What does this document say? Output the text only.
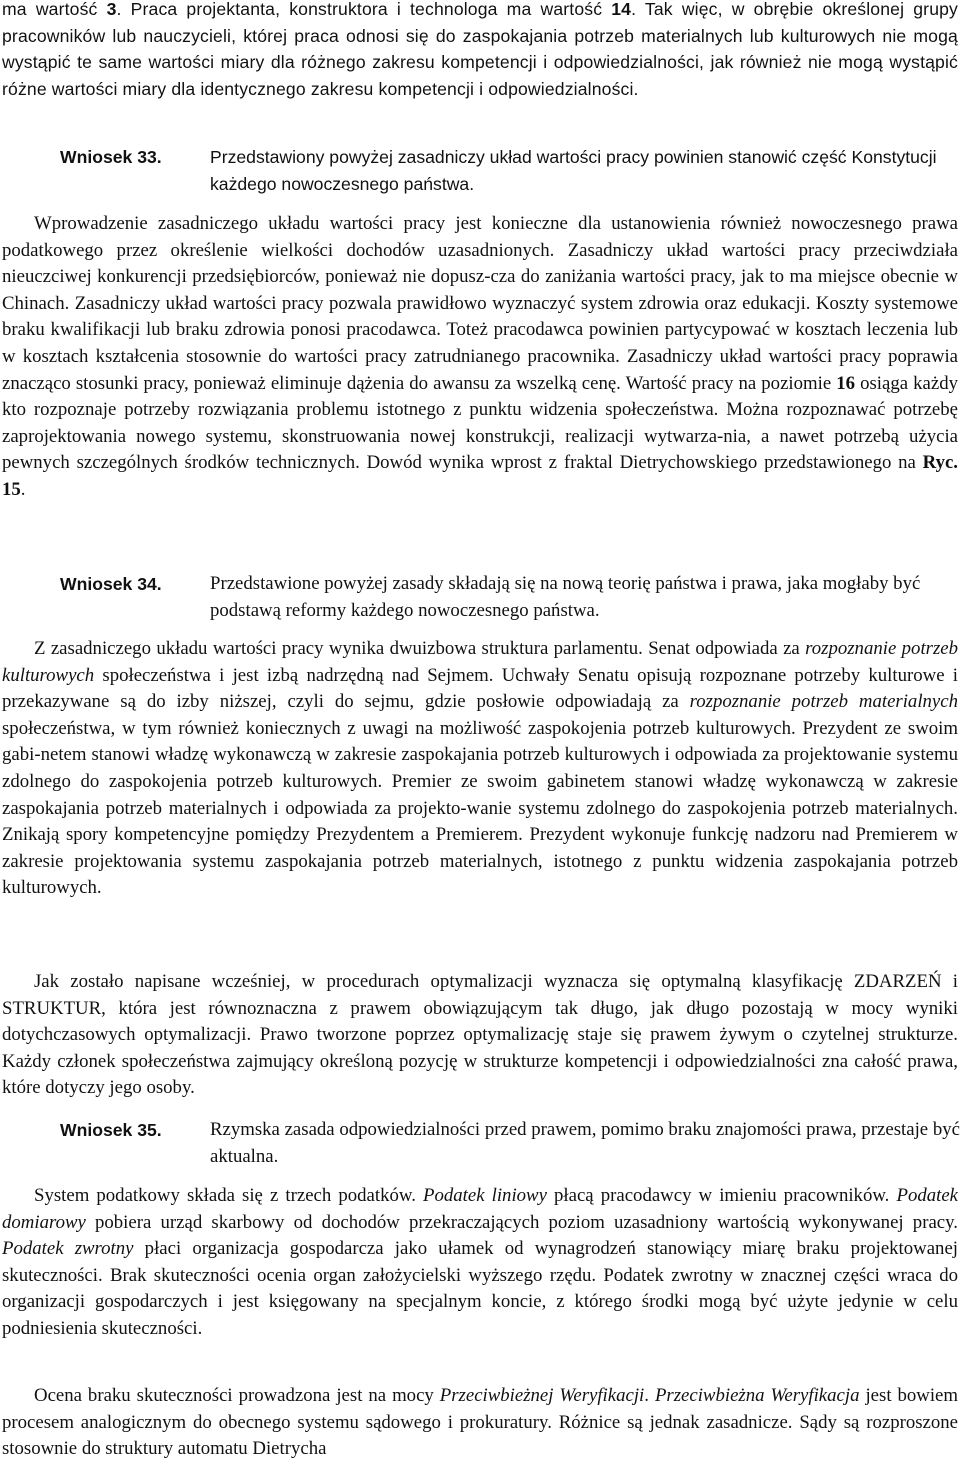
ma wartość 3. Praca projektanta, konstruktora i technologa ma wartość 14. Tak więc, w obrębie określonej grupy pracowników lub nauczycieli, której praca odnosi się do zaspokajania potrzeb materialnych lub kulturowych nie mogą wystąpić te same wartości miary dla różnego zakresu kompetencji i odpowiedzialności, jak również nie mogą wystąpić różne wartości miary dla identycznego zakresu kompetencji i odpowiedzialności.

Wniosek 33.	Przedstawiony powyżej zasadniczy układ wartości pracy powinien stanowić część Konstytucji każdego nowoczesnego państwa.

Wprowadzenie zasadniczego układu wartości pracy jest konieczne dla ustanowienia również nowoczesnego prawa podatkowego przez określenie wielkości dochodów uzasadnionych. Zasadniczy układ wartości pracy przeciwdziała nieuczciwej konkurencji przedsiębiorców, ponieważ nie dopusz-cza do zaniżania wartości pracy, jak to ma miejsce obecnie w Chinach. Zasadniczy układ wartości pracy pozwala prawidłowo wyznaczyć system zdrowia oraz edukacji. Koszty systemowe braku kwalifikacji lub braku zdrowia ponosi pracodawca. Toteż pracodawca powinien partycypować w kosztach leczenia lub w kosztach kształcenia stosownie do wartości pracy zatrudnianego pracownika. Zasadniczy układ wartości pracy poprawia znacząco stosunki pracy, ponieważ eliminuje dążenia do awansu za wszelką cenę. Wartość pracy na poziomie 16 osiąga każdy kto rozpoznaje potrzeby rozwiązania problemu istotnego z punktu widzenia społeczeństwa. Można rozpoznawać potrzebę zaprojektowania nowego systemu, skonstruowania nowej konstrukcji, realizacji wytwarza-nia, a nawet potrzebą użycia pewnych szczególnych środków technicznych. Dowód wynika wprost z fraktal Dietrychowskiego przedstawionego na Ryc. 15.

Wniosek 34.	Przedstawione powyżej zasady składają się na nową teorię państwa i prawa, jaka mogłaby być podstawą reformy każdego nowoczesnego państwa.

Z zasadniczego układu wartości pracy wynika dwuizbowa struktura parlamentu. Senat odpowiada za rozpoznanie potrzeb kulturowych społeczeństwa i jest izbą nadrzędną nad Sejmem. Uchwały Senatu opisują rozpoznane potrzeby kulturowe i przekazywane są do izby niższej, czyli do sejmu, gdzie posłowie odpowiadają za rozpoznanie potrzeb materialnych społeczeństwa, w tym również koniecznych z uwagi na możliwość zaspokojenia potrzeb kulturowych. Prezydent ze swoim gabi-netem stanowi władzę wykonawczą w zakresie zaspokajania potrzeb kulturowych i odpowiada za projektowanie systemu zdolnego do zaspokojenia potrzeb kulturowych. Premier ze swoim gabinetem stanowi władzę wykonawczą w zakresie zaspokajania potrzeb materialnych i odpowiada za projekto-wanie systemu zdolnego do zaspokojenia potrzeb materialnych. Znikają spory kompetencyjne pomiędzy Prezydentem a Premierem. Prezydent wykonuje funkcję nadzoru nad Premierem w zakresie projektowania systemu zaspokajania potrzeb materialnych, istotnego z punktu widzenia zaspokajania potrzeb kulturowych.

Jak zostało napisane wcześniej, w procedurach optymalizacji wyznacza się optymalną klasyfikację ZDARZEŃ i STRUKTUR, która jest równoznaczna z prawem obowiązującym tak długo, jak długo pozostają w mocy wyniki dotychczasowych optymalizacji. Prawo tworzone poprzez optymalizację staje się prawem żywym o czytelnej strukturze. Każdy członek społeczeństwa zajmujący określoną pozycję w strukturze kompetencji i odpowiedzialności zna całość prawa, które dotyczy jego osoby.

Wniosek 35.	Rzymska zasada odpowiedzialności przed prawem, pomimo braku znajomości prawa, przestaje być aktualna.

System podatkowy składa się z trzech podatków. Podatek liniowy płacą pracodawcy w imieniu pracowników. Podatek domiarowy pobiera urząd skarbowy od dochodów przekraczających poziom uzasadniony wartością wykonywanej pracy. Podatek zwrotny płaci organizacja gospodarcza jako ułamek od wynagrodzeń stanowiący miarę braku projektowanej skuteczności. Brak skuteczności ocenia organ założycielski wyższego rzędu. Podatek zwrotny w znacznej części wraca do organizacji gospodarczych i jest księgowany na specjalnym koncie, z którego środki mogą być użyte jedynie w celu podniesienia skuteczności.

Ocena braku skuteczności prowadzona jest na mocy Przeciwbieżnej Weryfikacji. Przeciwbieżna Weryfikacja jest bowiem procesem analogicznym do obecnego systemu sądowego i prokuratury. Różnice są jednak zasadnicze. Sądy są rozproszone stosownie do struktury automatu Dietrycha
